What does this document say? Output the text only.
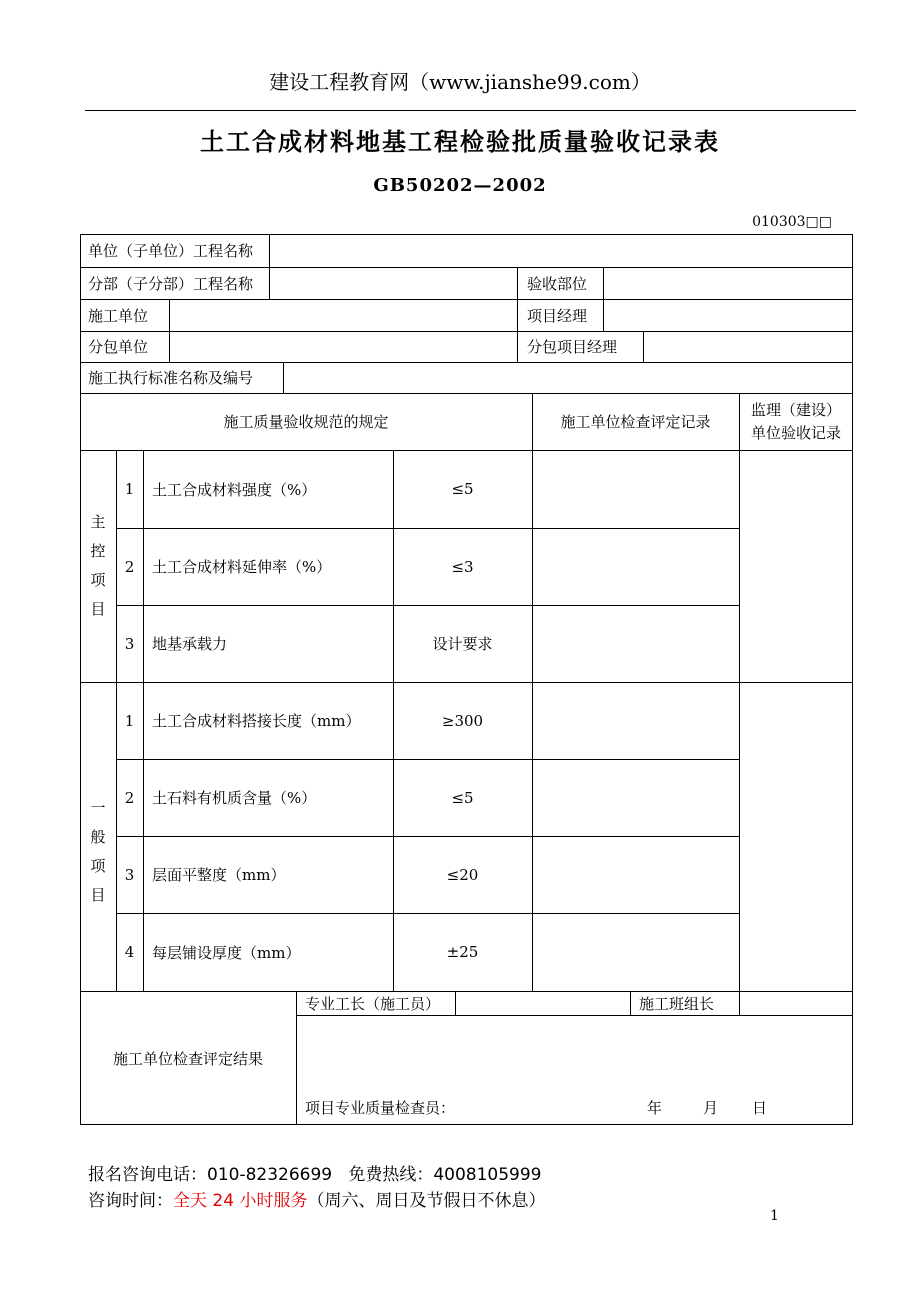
建设工程教育网（www.jianshe99.com）
土工合成材料地基工程检验批质量验收记录表
GB50202—2002
010303□□
单位（子单位）工程名称
分部（子分部）工程名称	验收部位
施工单位	项目经理
分包单位	分包项目经理
施工执行标准名称及编号
施工质量验收规范的规定	施工单位检查评定记录
监理（建设）
单位验收记录
主
控
项
目
1	土工合成材料强度（%）	≤5
2	土工合成材料延伸率（%）	≤3
3	地基承载力	设计要求
一
般
项
目
1	土工合成材料搭接长度（mm）	≥300
2	土石料有机质含量（%）	≤5
3	层面平整度（mm）	≤20
4	每层铺设厚度（mm）	±25
施工单位检查评定结果
专业工长（施工员）	施工班组长
项目专业质量检查员：	年	月 日
报名咨询电话：010-82326699 免费热线：4008105999
咨询时间：全天 24 小时服务（周六、周日及节假日不休息）
1
